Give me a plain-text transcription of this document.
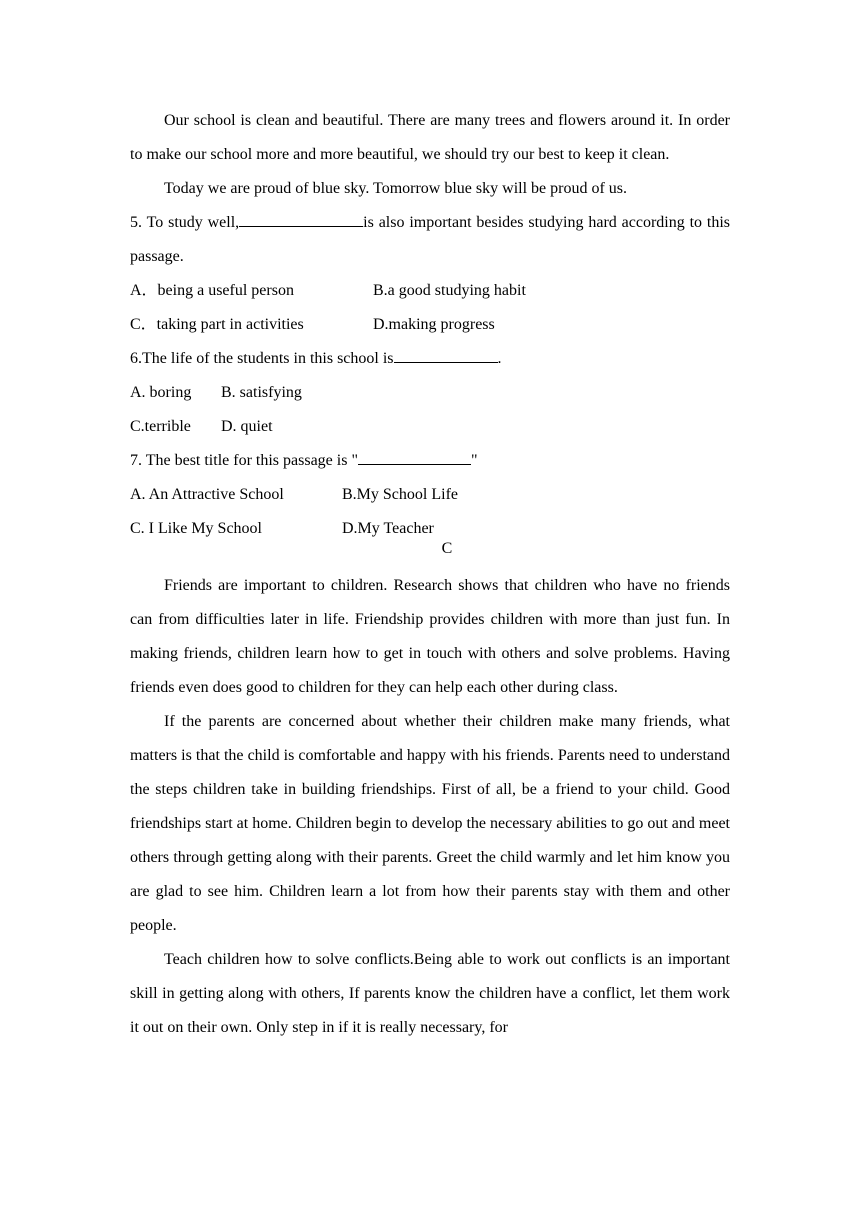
Our school is clean and beautiful. There are many trees and flowers around it. In order to make our school more and more beautiful, we should try our best to keep it clean.

Today we are proud of blue sky. Tomorrow blue sky will be proud of us.

5. To study well,	is also important besides studying hard according to this passage.

A．being a useful person	B.a good studying habit
C．taking part in activities	D.making progress

6.The life of the students in this school is	.

A. boring	B. satisfying
C.terrible	D. quiet

7. The best title for this passage is "	"

A. An Attractive School	B.My School Life
C. I Like My School	D.My Teacher

C

Friends are important to children. Research shows that children who have no friends can from difficulties later in life. Friendship provides children with more than just fun. In making friends, children learn how to get in touch with others and solve problems. Having friends even does good to children for they can help each other during class.

If the parents are concerned about whether their children make many friends, what matters is that the child is comfortable and happy with his friends. Parents need to understand the steps children take in building friendships. First of all, be a friend to your child. Good friendships start at home. Children begin to develop the necessary abilities to go out and meet others through getting along with their parents. Greet the child warmly and let him know you are glad to see him. Children learn a lot from how their parents stay with them and other people.

Teach children how to solve conflicts.Being able to work out conflicts is an important skill in getting along with others, If parents know the children have a conflict, let them work it out on their own. Only step in if it is really necessary, for
